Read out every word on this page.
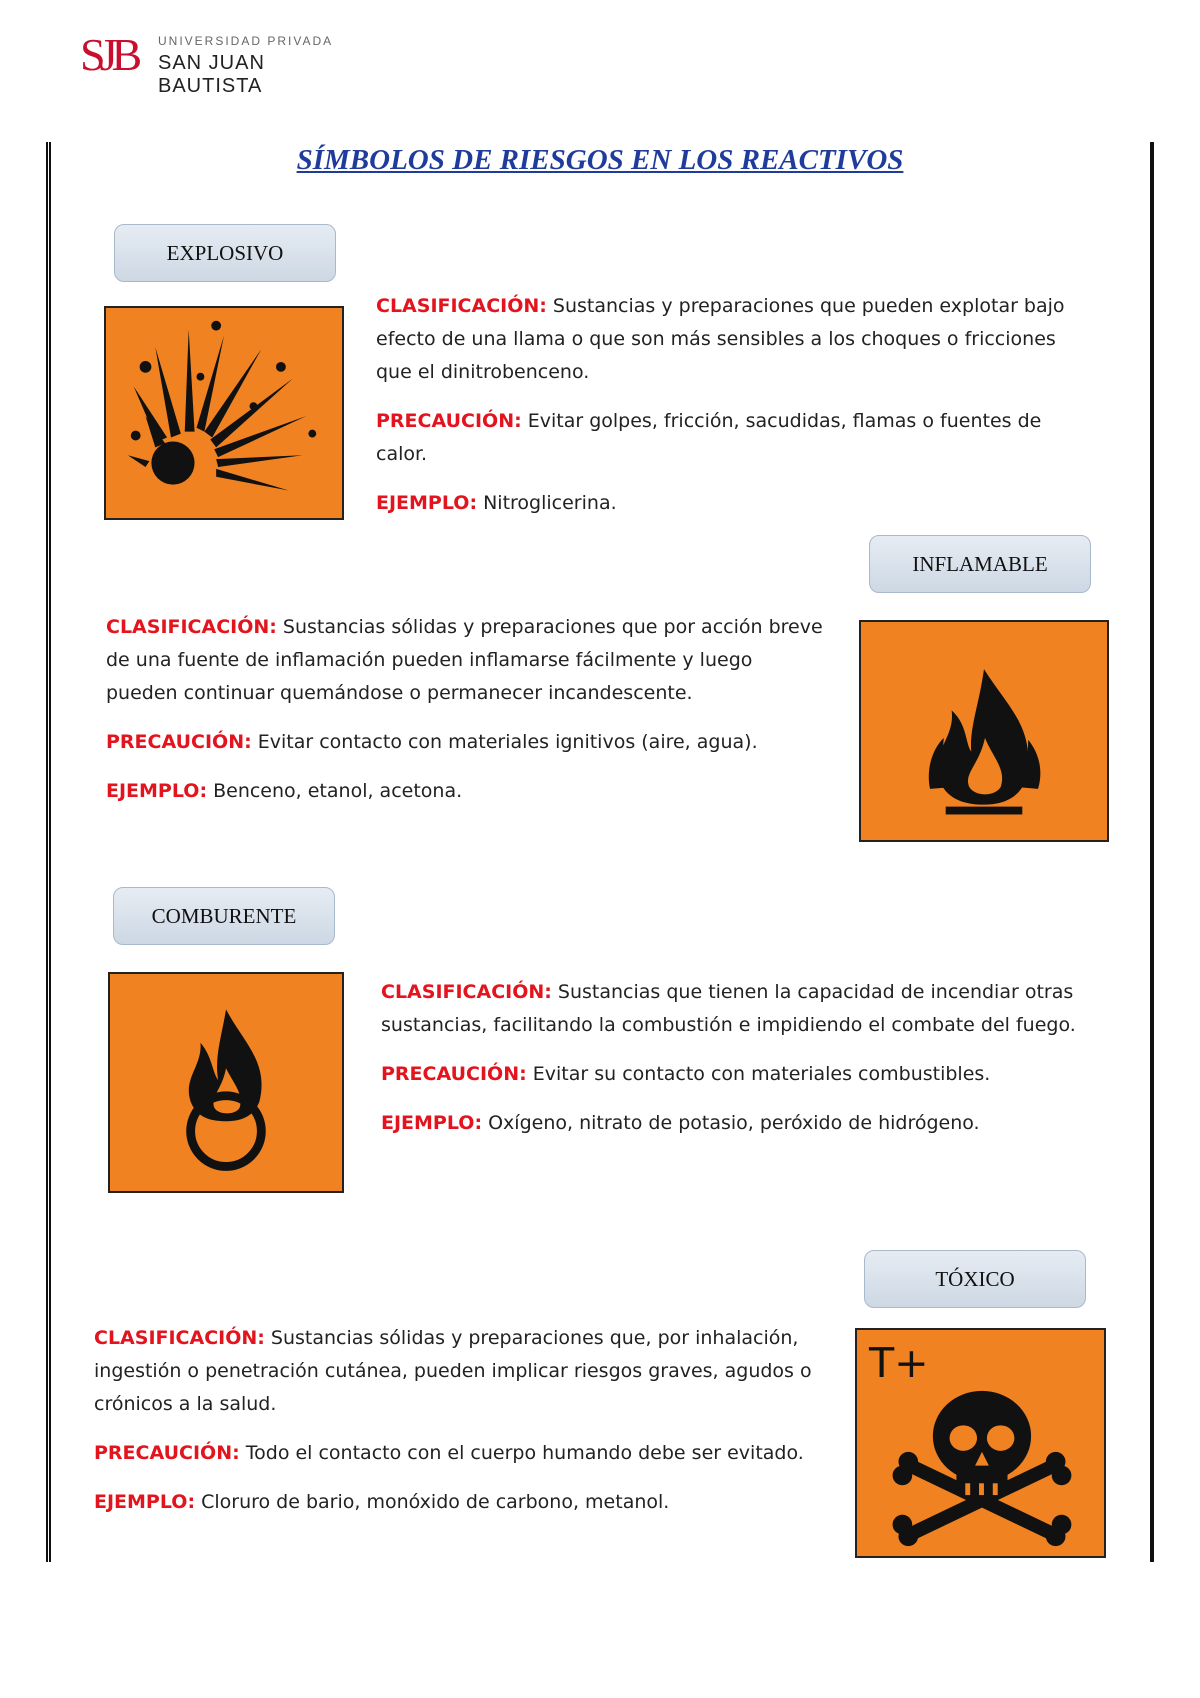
SJB	UNIVERSIDAD PRIVADA
SAN JUAN BAUTISTA
SÍMBOLOS DE RIESGOS EN LOS REACTIVOS
EXPLOSIVO

CLASIFICACIÓN: Sustancias y preparaciones que pueden explotar bajo efecto de una llama o que son más sensibles a los choques o fricciones que el dinitrobenceno.

PRECAUCIÓN: Evitar golpes, fricción, sacudidas, flamas o fuentes de calor.

EJEMPLO: Nitroglicerina.

INFLAMABLE

CLASIFICACIÓN: Sustancias sólidas y preparaciones que por acción breve de una fuente de inflamación pueden inflamarse fácilmente y luego pueden continuar quemándose o permanecer incandescente.

PRECAUCIÓN: Evitar contacto con materiales ignitivos (aire, agua).

EJEMPLO: Benceno, etanol, acetona.

COMBURENTE

CLASIFICACIÓN: Sustancias que tienen la capacidad de incendiar otras sustancias, facilitando la combustión e impidiendo el combate del fuego.

PRECAUCIÓN: Evitar su contacto con materiales combustibles.

EJEMPLO: Oxígeno, nitrato de potasio, peróxido de hidrógeno.

TÓXICO

CLASIFICACIÓN: Sustancias sólidas y preparaciones que, por inhalación, ingestión o penetración cutánea, pueden implicar riesgos graves, agudos o crónicos a la salud.

PRECAUCIÓN: Todo el contacto con el cuerpo humando debe ser evitado.

EJEMPLO: Cloruro de bario, monóxido de carbono, metanol.

T+
